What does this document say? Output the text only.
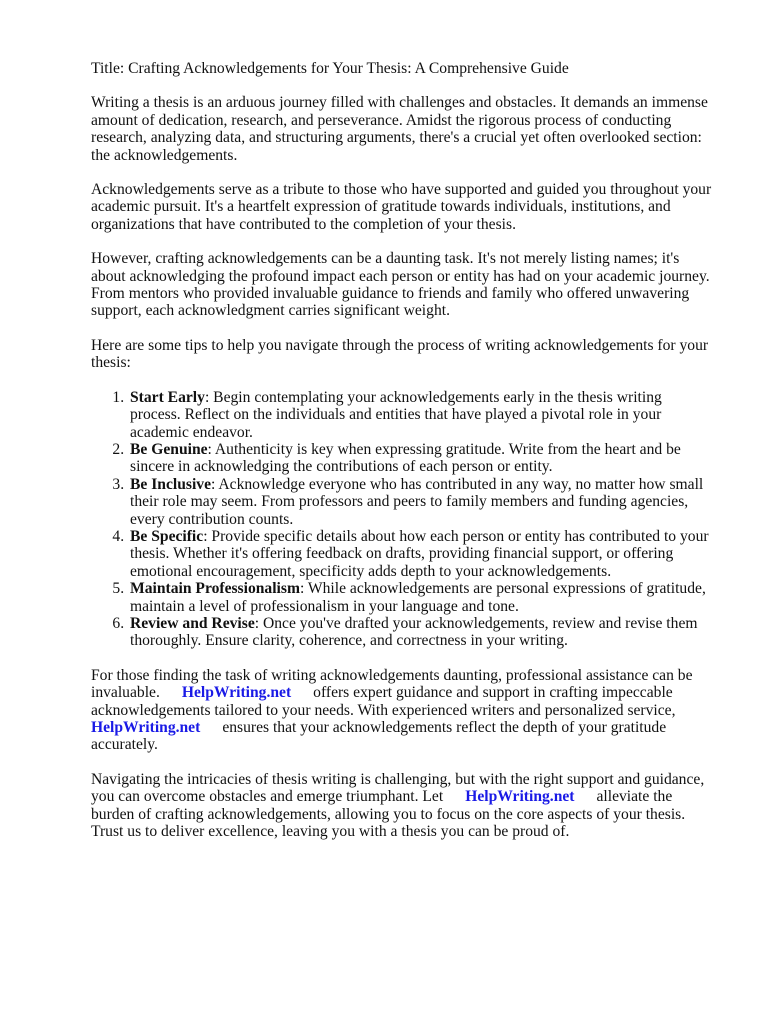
Title: Crafting Acknowledgements for Your Thesis: A Comprehensive Guide

Writing a thesis is an arduous journey filled with challenges and obstacles. It demands an immense amount of dedication, research, and perseverance. Amidst the rigorous process of conducting research, analyzing data, and structuring arguments, there's a crucial yet often overlooked section: the acknowledgements.

Acknowledgements serve as a tribute to those who have supported and guided you throughout your academic pursuit. It's a heartfelt expression of gratitude towards individuals, institutions, and organizations that have contributed to the completion of your thesis.

However, crafting acknowledgements can be a daunting task. It's not merely listing names; it's about acknowledging the profound impact each person or entity has had on your academic journey. From mentors who provided invaluable guidance to friends and family who offered unwavering support, each acknowledgment carries significant weight.

Here are some tips to help you navigate through the process of writing acknowledgements for your thesis:

1. Start Early: Begin contemplating your acknowledgements early in the thesis writing process. Reflect on the individuals and entities that have played a pivotal role in your academic endeavor.
2. Be Genuine: Authenticity is key when expressing gratitude. Write from the heart and be sincere in acknowledging the contributions of each person or entity.
3. Be Inclusive: Acknowledge everyone who has contributed in any way, no matter how small their role may seem. From professors and peers to family members and funding agencies, every contribution counts.
4. Be Specific: Provide specific details about how each person or entity has contributed to your thesis. Whether it's offering feedback on drafts, providing financial support, or offering emotional encouragement, specificity adds depth to your acknowledgements.
5. Maintain Professionalism: While acknowledgements are personal expressions of gratitude, maintain a level of professionalism in your language and tone.
6. Review and Revise: Once you've drafted your acknowledgements, review and revise them thoroughly. Ensure clarity, coherence, and correctness in your writing.

For those finding the task of writing acknowledgements daunting, professional assistance can be invaluable. HelpWriting.net offers expert guidance and support in crafting impeccable acknowledgements tailored to your needs. With experienced writers and personalized service,
HelpWriting.net ensures that your acknowledgements reflect the depth of your gratitude accurately.

Navigating the intricacies of thesis writing is challenging, but with the right support and guidance, you can overcome obstacles and emerge triumphant. Let HelpWriting.net alleviate the burden of crafting acknowledgements, allowing you to focus on the core aspects of your thesis. Trust us to deliver excellence, leaving you with a thesis you can be proud of.
